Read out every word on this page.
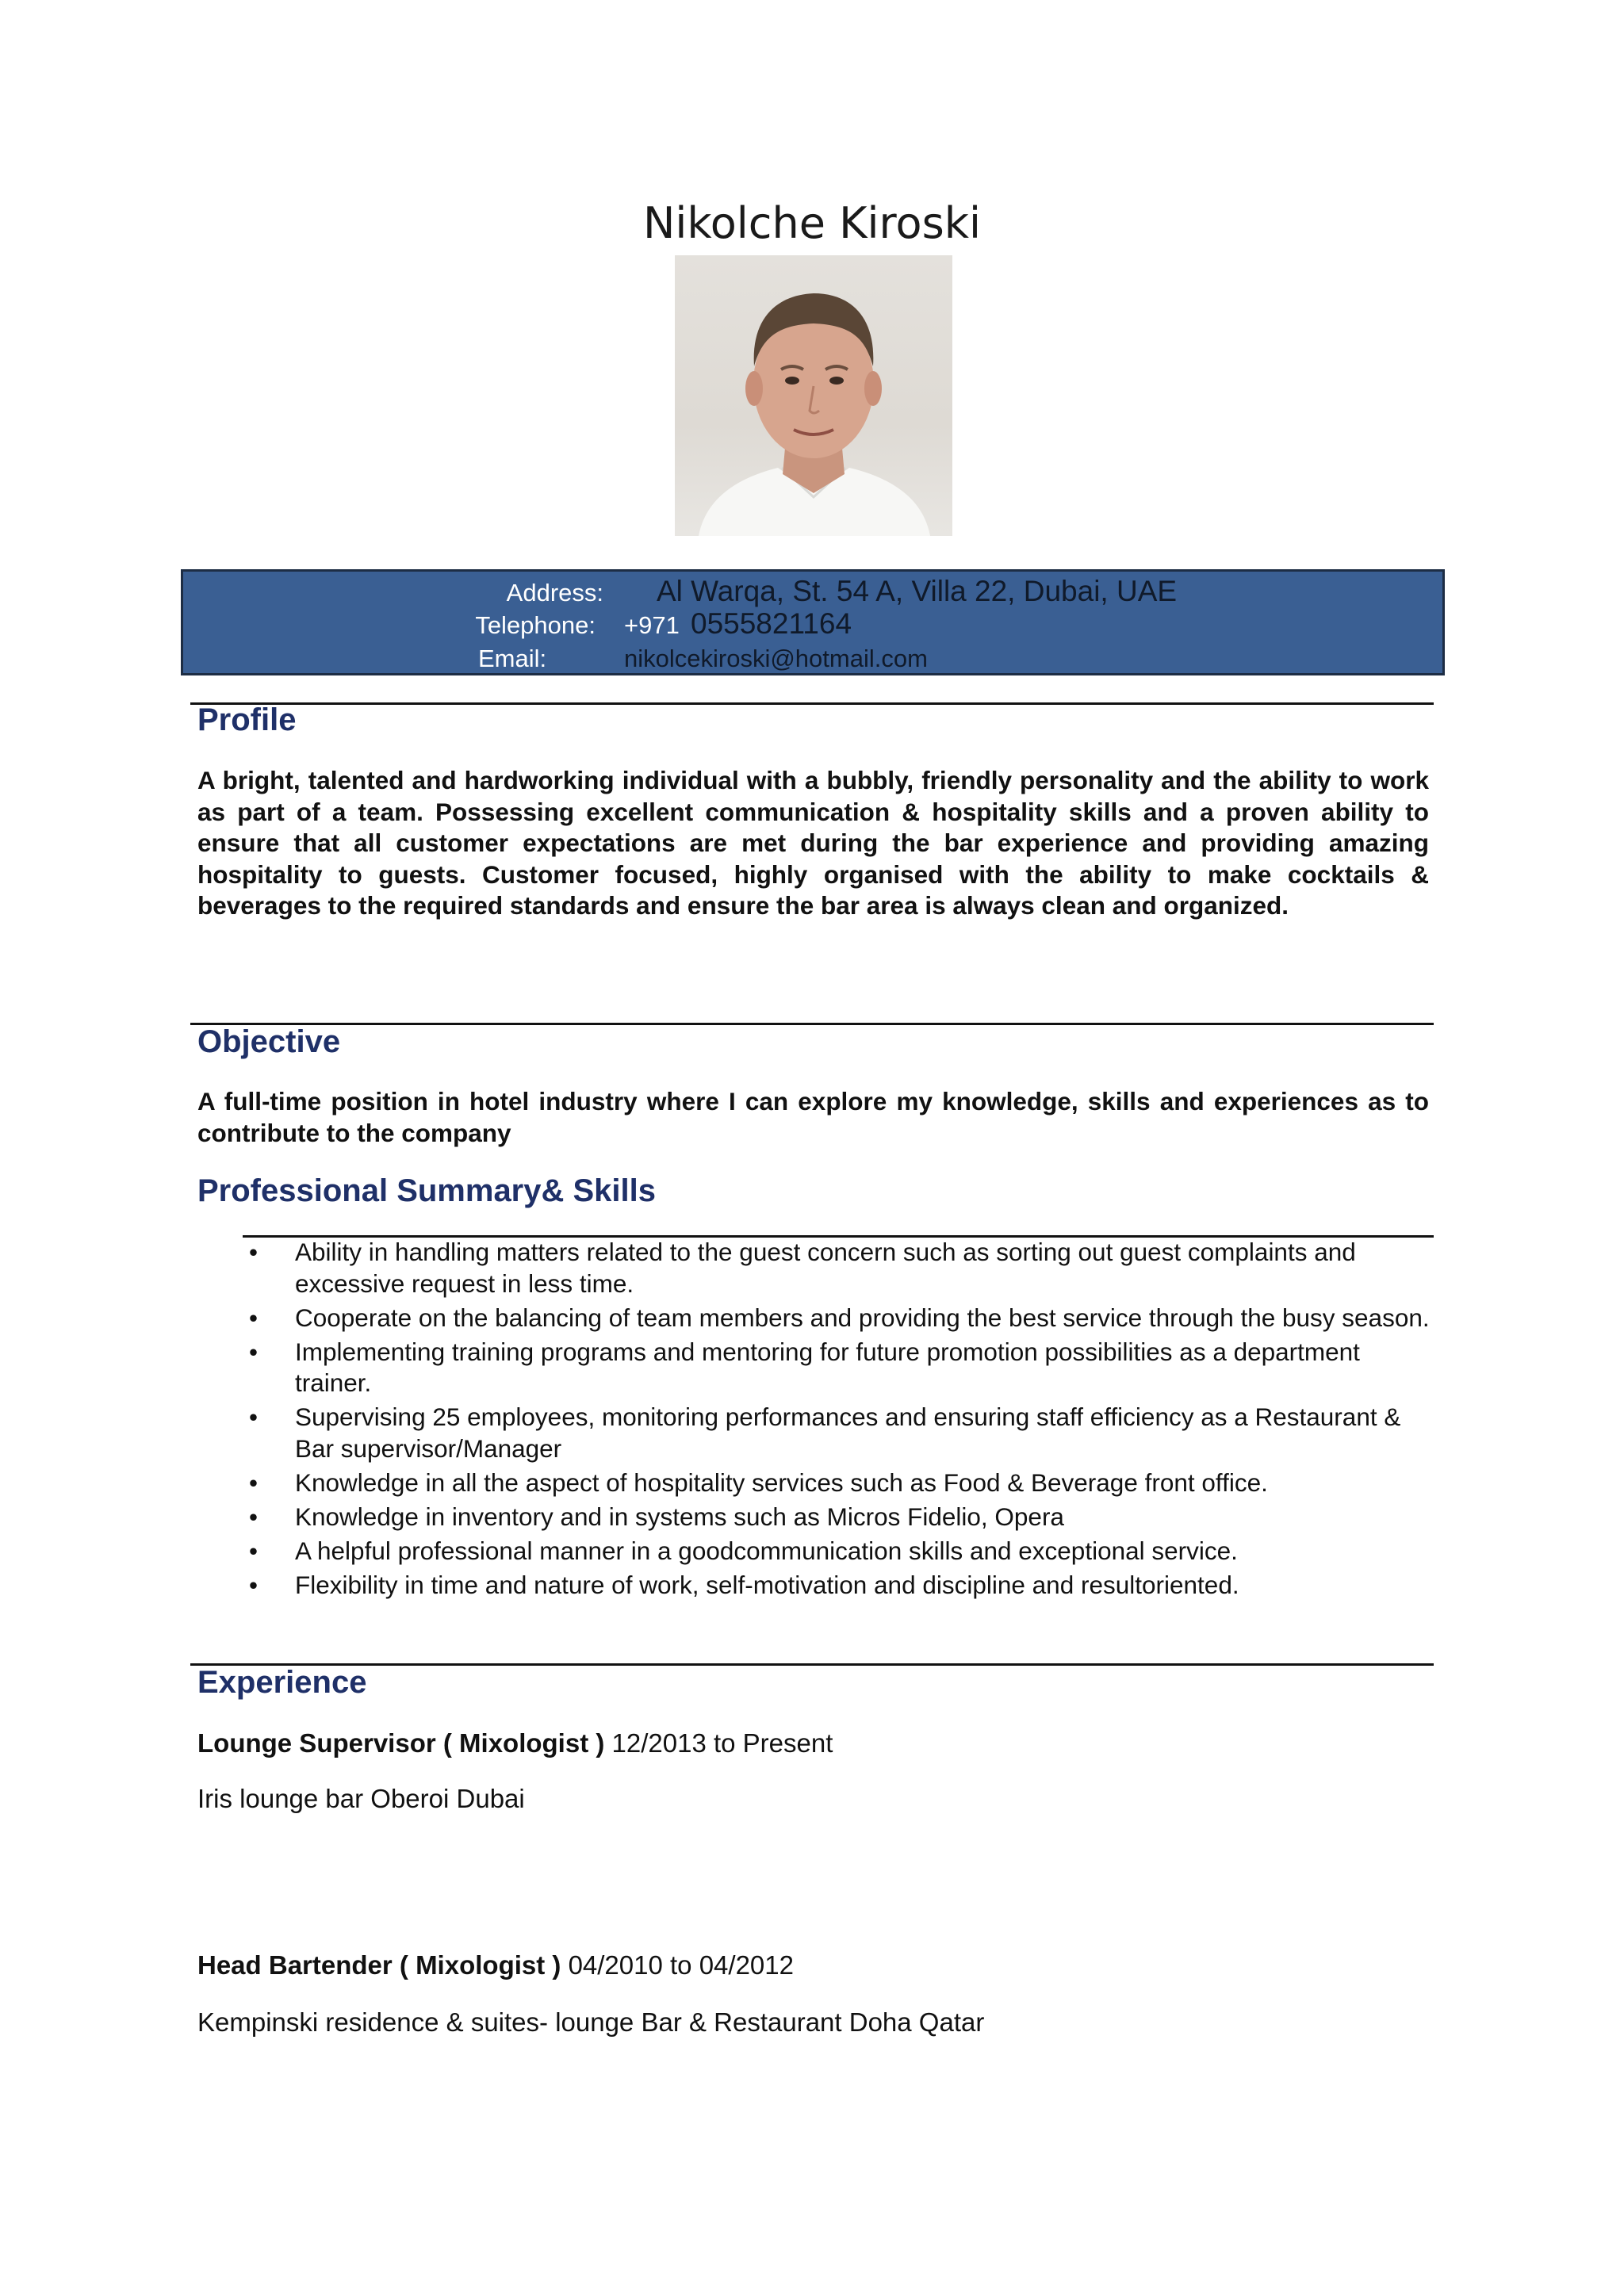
Nikolche Kiroski
Address: Al Warqa, St. 54 A, Villa 22, Dubai, UAE
Telephone: +971 0555821164
Email:	nikolcekiroski@hotmail.com
Profile
A bright, talented and hardworking individual with a bubbly, friendly personality and the ability to work as part of a team. Possessing excellent communication & hospitality skills and a proven ability to ensure that all customer expectations are met during the bar experience and providing amazing hospitality to guests. Customer focused, highly organised with the ability to make cocktails & beverages to the required standards and ensure the bar area is always clean and organized.
Objective
A full-time position in hotel industry where I can explore my knowledge, skills and experiences as to contribute to the company
Professional Summary& Skills
• Ability in handling matters related to the guest concern such as sorting out guest complaints and excessive request in less time.
• Cooperate on the balancing of team members and providing the best service through the busy season.
• Implementing training programs and mentoring for future promotion possibilities as a department trainer.
• Supervising 25 employees, monitoring performances and ensuring staff efficiency as a Restaurant & Bar supervisor/Manager
• Knowledge in all the aspect of hospitality services such as Food & Beverage front office.
• Knowledge in inventory and in systems such as Micros Fidelio, Opera
• A helpful professional manner in a goodcommunication skills and exceptional service.
• Flexibility in time and nature of work, self-motivation and discipline and resultoriented.
Experience
Lounge Supervisor ( Mixologist ) 12/2013 to Present
Iris lounge bar Oberoi Dubai
Head Bartender ( Mixologist ) 04/2010 to 04/2012
Kempinski residence & suites- lounge Bar & Restaurant Doha Qatar
